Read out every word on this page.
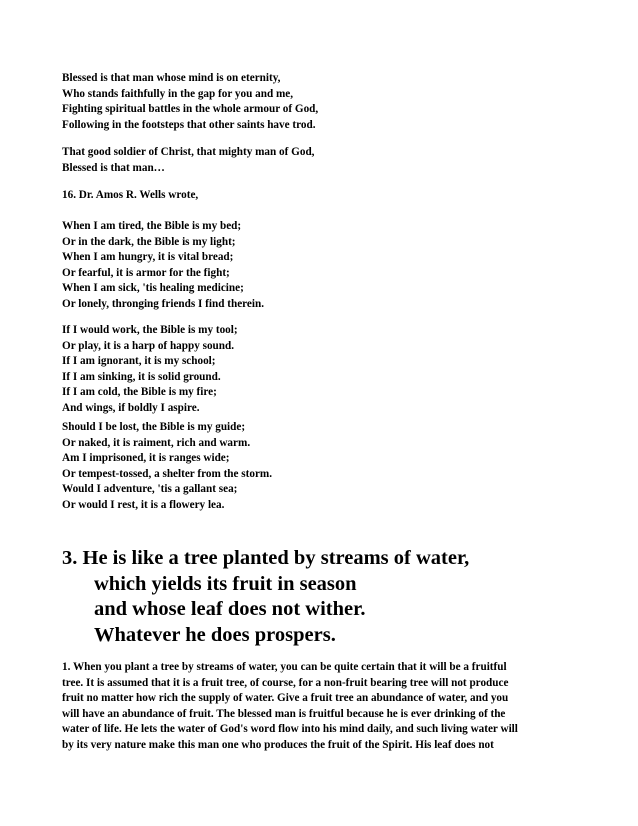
Blessed is that man whose mind is on eternity,
Who stands faithfully in the gap for you and me,
Fighting spiritual battles in the whole armour of God,
Following in the footsteps that other saints have trod.
That good soldier of Christ, that mighty man of God,
Blessed is that man…
16. Dr. Amos R. Wells wrote,
When I am tired, the Bible is my bed;
Or in the dark, the Bible is my light;
When I am hungry, it is vital bread;
Or fearful, it is armor for the fight;
When I am sick, 'tis healing medicine;
Or lonely, thronging friends I find therein.
If I would work, the Bible is my tool;
Or play, it is a harp of happy sound.
If I am ignorant, it is my school;
If I am sinking, it is solid ground.
If I am cold, the Bible is my fire;
And wings, if boldly I aspire.
Should I be lost, the Bible is my guide;
Or naked, it is raiment, rich and warm.
Am I imprisoned, it is ranges wide;
Or tempest-tossed, a shelter from the storm.
Would I adventure, 'tis a gallant sea;
Or would I rest, it is a flowery lea.
3. He is like a tree planted by streams of water,
which yields its fruit in season
and whose leaf does not wither.
Whatever he does prospers.
1. When you plant a tree by streams of water, you can be quite certain that it will be a fruitful
tree. It is assumed that it is a fruit tree, of course, for a non-fruit bearing tree will not produce
fruit no matter how rich the supply of water. Give a fruit tree an abundance of water, and you
will have an abundance of fruit. The blessed man is fruitful because he is ever drinking of the
water of life. He lets the water of God's word flow into his mind daily, and such living water will
by its very nature make this man one who produces the fruit of the Spirit. His leaf does not
